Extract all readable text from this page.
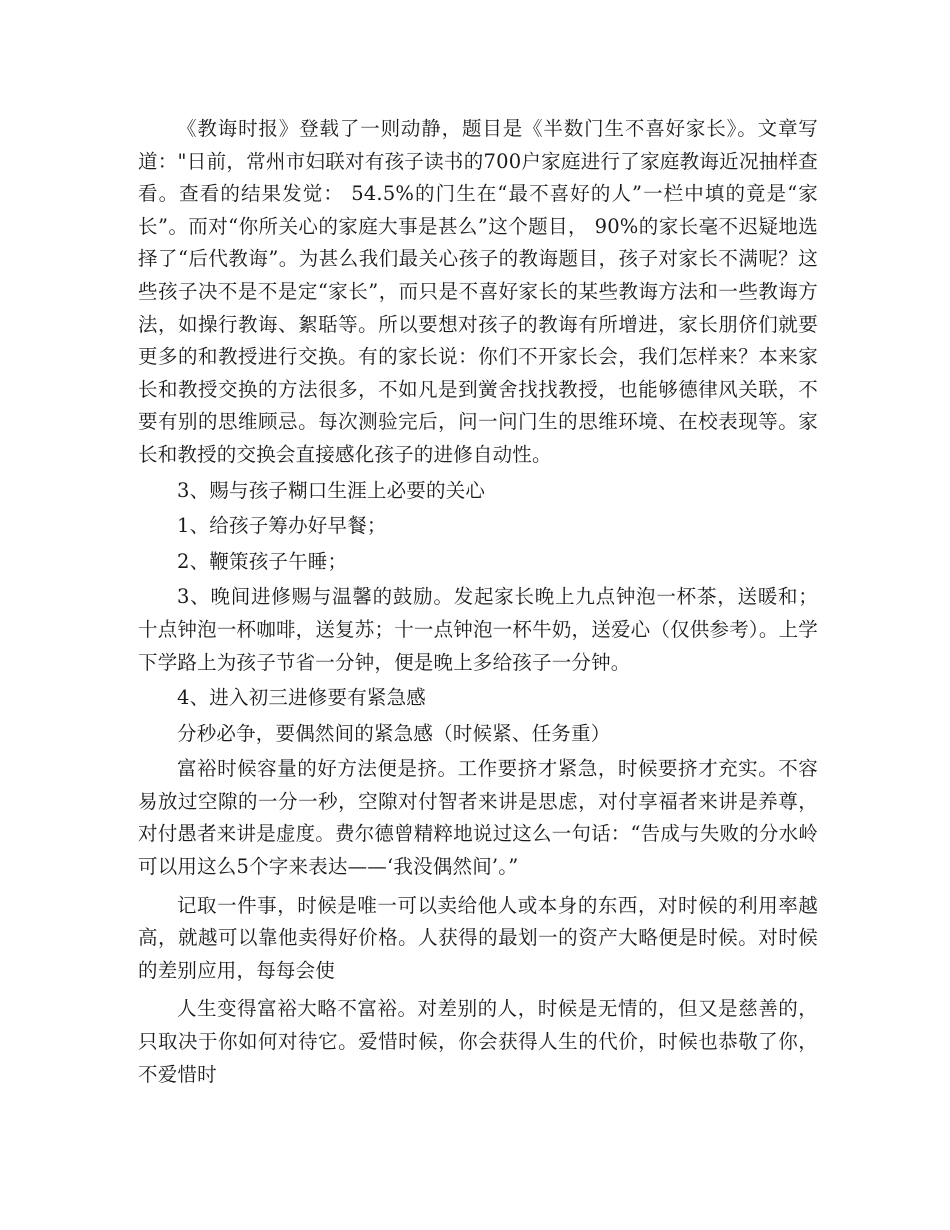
《教诲时报》登载了一则动静，题目是《半数门生不喜好家长》。文章写道："日前，常州市妇联对有孩子读书的700户家庭进行了家庭教诲近况抽样查看。查看的结果发觉： 54.5%的门生在“最不喜好的人”一栏中填的竟是“家长”。而对“你所关心的家庭大事是甚么”这个题目， 90%的家长毫不迟疑地选择了“后代教诲”。为甚么我们最关心孩子的教诲题目，孩子对家长不满呢？这些孩子决不是不是定“家长”，而只是不喜好家长的某些教诲方法和一些教诲方法，如操行教诲、絮聒等。所以要想对孩子的教诲有所增进，家长朋侪们就要更多的和教授进行交换。有的家长说：你们不开家长会，我们怎样来？本来家长和教授交换的方法很多，不如凡是到黉舍找找教授，也能够德律风关联，不要有别的思维顾忌。每次测验完后，问一问门生的思维环境、在校表现等。家长和教授的交换会直接感化孩子的进修自动性。

3、赐与孩子糊口生涯上必要的关心

1、给孩子筹办好早餐；

2、鞭策孩子午睡；

3、晚间进修赐与温馨的鼓励。发起家长晚上九点钟泡一杯茶，送暖和；十点钟泡一杯咖啡，送复苏；十一点钟泡一杯牛奶，送爱心（仅供参考）。上学下学路上为孩子节省一分钟，便是晚上多给孩子一分钟。

4、进入初三进修要有紧急感

分秒必争，要偶然间的紧急感（时候紧、任务重）

富裕时候容量的好方法便是挤。工作要挤才紧急，时候要挤才充实。不容易放过空隙的一分一秒，空隙对付智者来讲是思虑，对付享福者来讲是养尊，对付愚者来讲是虚度。费尔德曾精粹地说过这么一句话：“告成与失败的分水岭可以用这么5个字来表达——‘我没偶然间’。”

记取一件事，时候是唯一可以卖给他人或本身的东西，对时候的利用率越高，就越可以靠他卖得好价格。人获得的最划一的资产大略便是时候。对时候的差别应用，每每会使

人生变得富裕大略不富裕。对差别的人，时候是无情的，但又是慈善的，只取决于你如何对待它。爱惜时候，你会获得人生的代价，时候也恭敬了你，不爱惜时
